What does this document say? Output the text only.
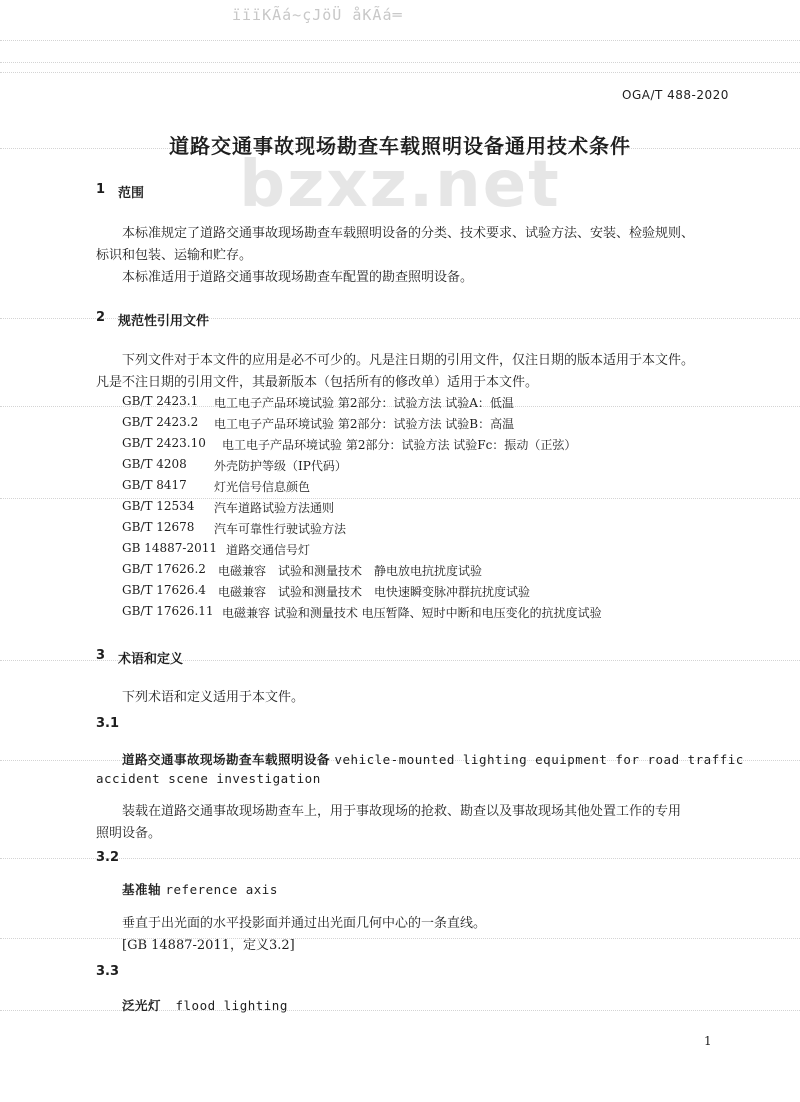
ïïïKÃá~çJöÜ åKÃá═
bzxz.net
OGA/T 488-2020
道路交通事故现场勘查车载照明设备通用技术条件
1 范围
本标准规定了道路交通事故现场勘查车载照明设备的分类、技术要求、试验方法、安装、检验规则、
标识和包装、运输和贮存。
本标准适用于道路交通事故现场勘查车配置的勘查照明设备。
2 规范性引用文件
下列文件对于本文件的应用是必不可少的。凡是注日期的引用文件，仅注日期的版本适用于本文件。
凡是不注日期的引用文件，其最新版本（包括所有的修改单）适用于本文件。
GB/T 2423.1 电工电子产品环境试验 第2部分：试验方法 试验A：低温
GB/T 2423.2 电工电子产品环境试验 第2部分：试验方法 试验B：高温
GB/T 2423.10 电工电子产品环境试验 第2部分：试验方法 试验Fc：振动（正弦）
GB/T 4208 外壳防护等级（IP代码）
GB/T 8417 灯光信号信息颜色
GB/T 12534 汽车道路试验方法通则
GB/T 12678 汽车可靠性行驶试验方法
GB 14887-2011 道路交通信号灯
GB/T 17626.2 电磁兼容　试验和测量技术　静电放电抗扰度试验
GB/T 17626.4 电磁兼容　试验和测量技术　电快速瞬变脉冲群抗扰度试验
GB/T 17626.11 电磁兼容 试验和测量技术 电压暂降、短时中断和电压变化的抗扰度试验
3 术语和定义
下列术语和定义适用于本文件。
3.1
道路交通事故现场勘查车载照明设备 vehicle-mounted lighting equipment for road traffic
accident scene investigation
装载在道路交通事故现场勘查车上，用于事故现场的抢救、勘查以及事故现场其他处置工作的专用
照明设备。
3.2
基准轴 reference axis
垂直于出光面的水平投影面并通过出光面几何中心的一条直线。
[GB 14887-2011，定义3.2]
3.3
泛光灯 flood lighting
1
